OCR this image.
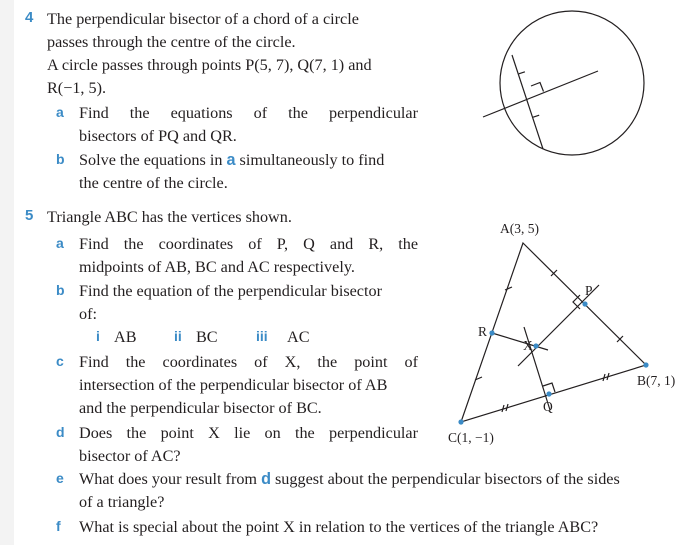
4 The perpendicular bisector of a chord of a circle
passes through the centre of the circle.
A circle passes through points P(5, 7), Q(7, 1) and
R(−1, 5).
a Find the equations of the perpendicular
bisectors of PQ and QR.
b Solve the equations in a simultaneously to find
the centre of the circle.
5 Triangle ABC has the vertices shown.
a Find the coordinates of P, Q and R, the
midpoints of AB, BC and AC respectively.
b Find the equation of the perpendicular bisector
of:
i AB	ii BC	iii AC
c Find the coordinates of X, the point of
intersection of the perpendicular bisector of AB
and the perpendicular bisector of BC.
d Does the point X lie on the perpendicular
bisector of AC?
e What does your result from d suggest about the perpendicular bisectors of the sides
of a triangle?
f What is special about the point X in relation to the vertices of the triangle ABC?
A(3, 5)
B(7, 1)
C(1, −1)
P
Q
R
X
